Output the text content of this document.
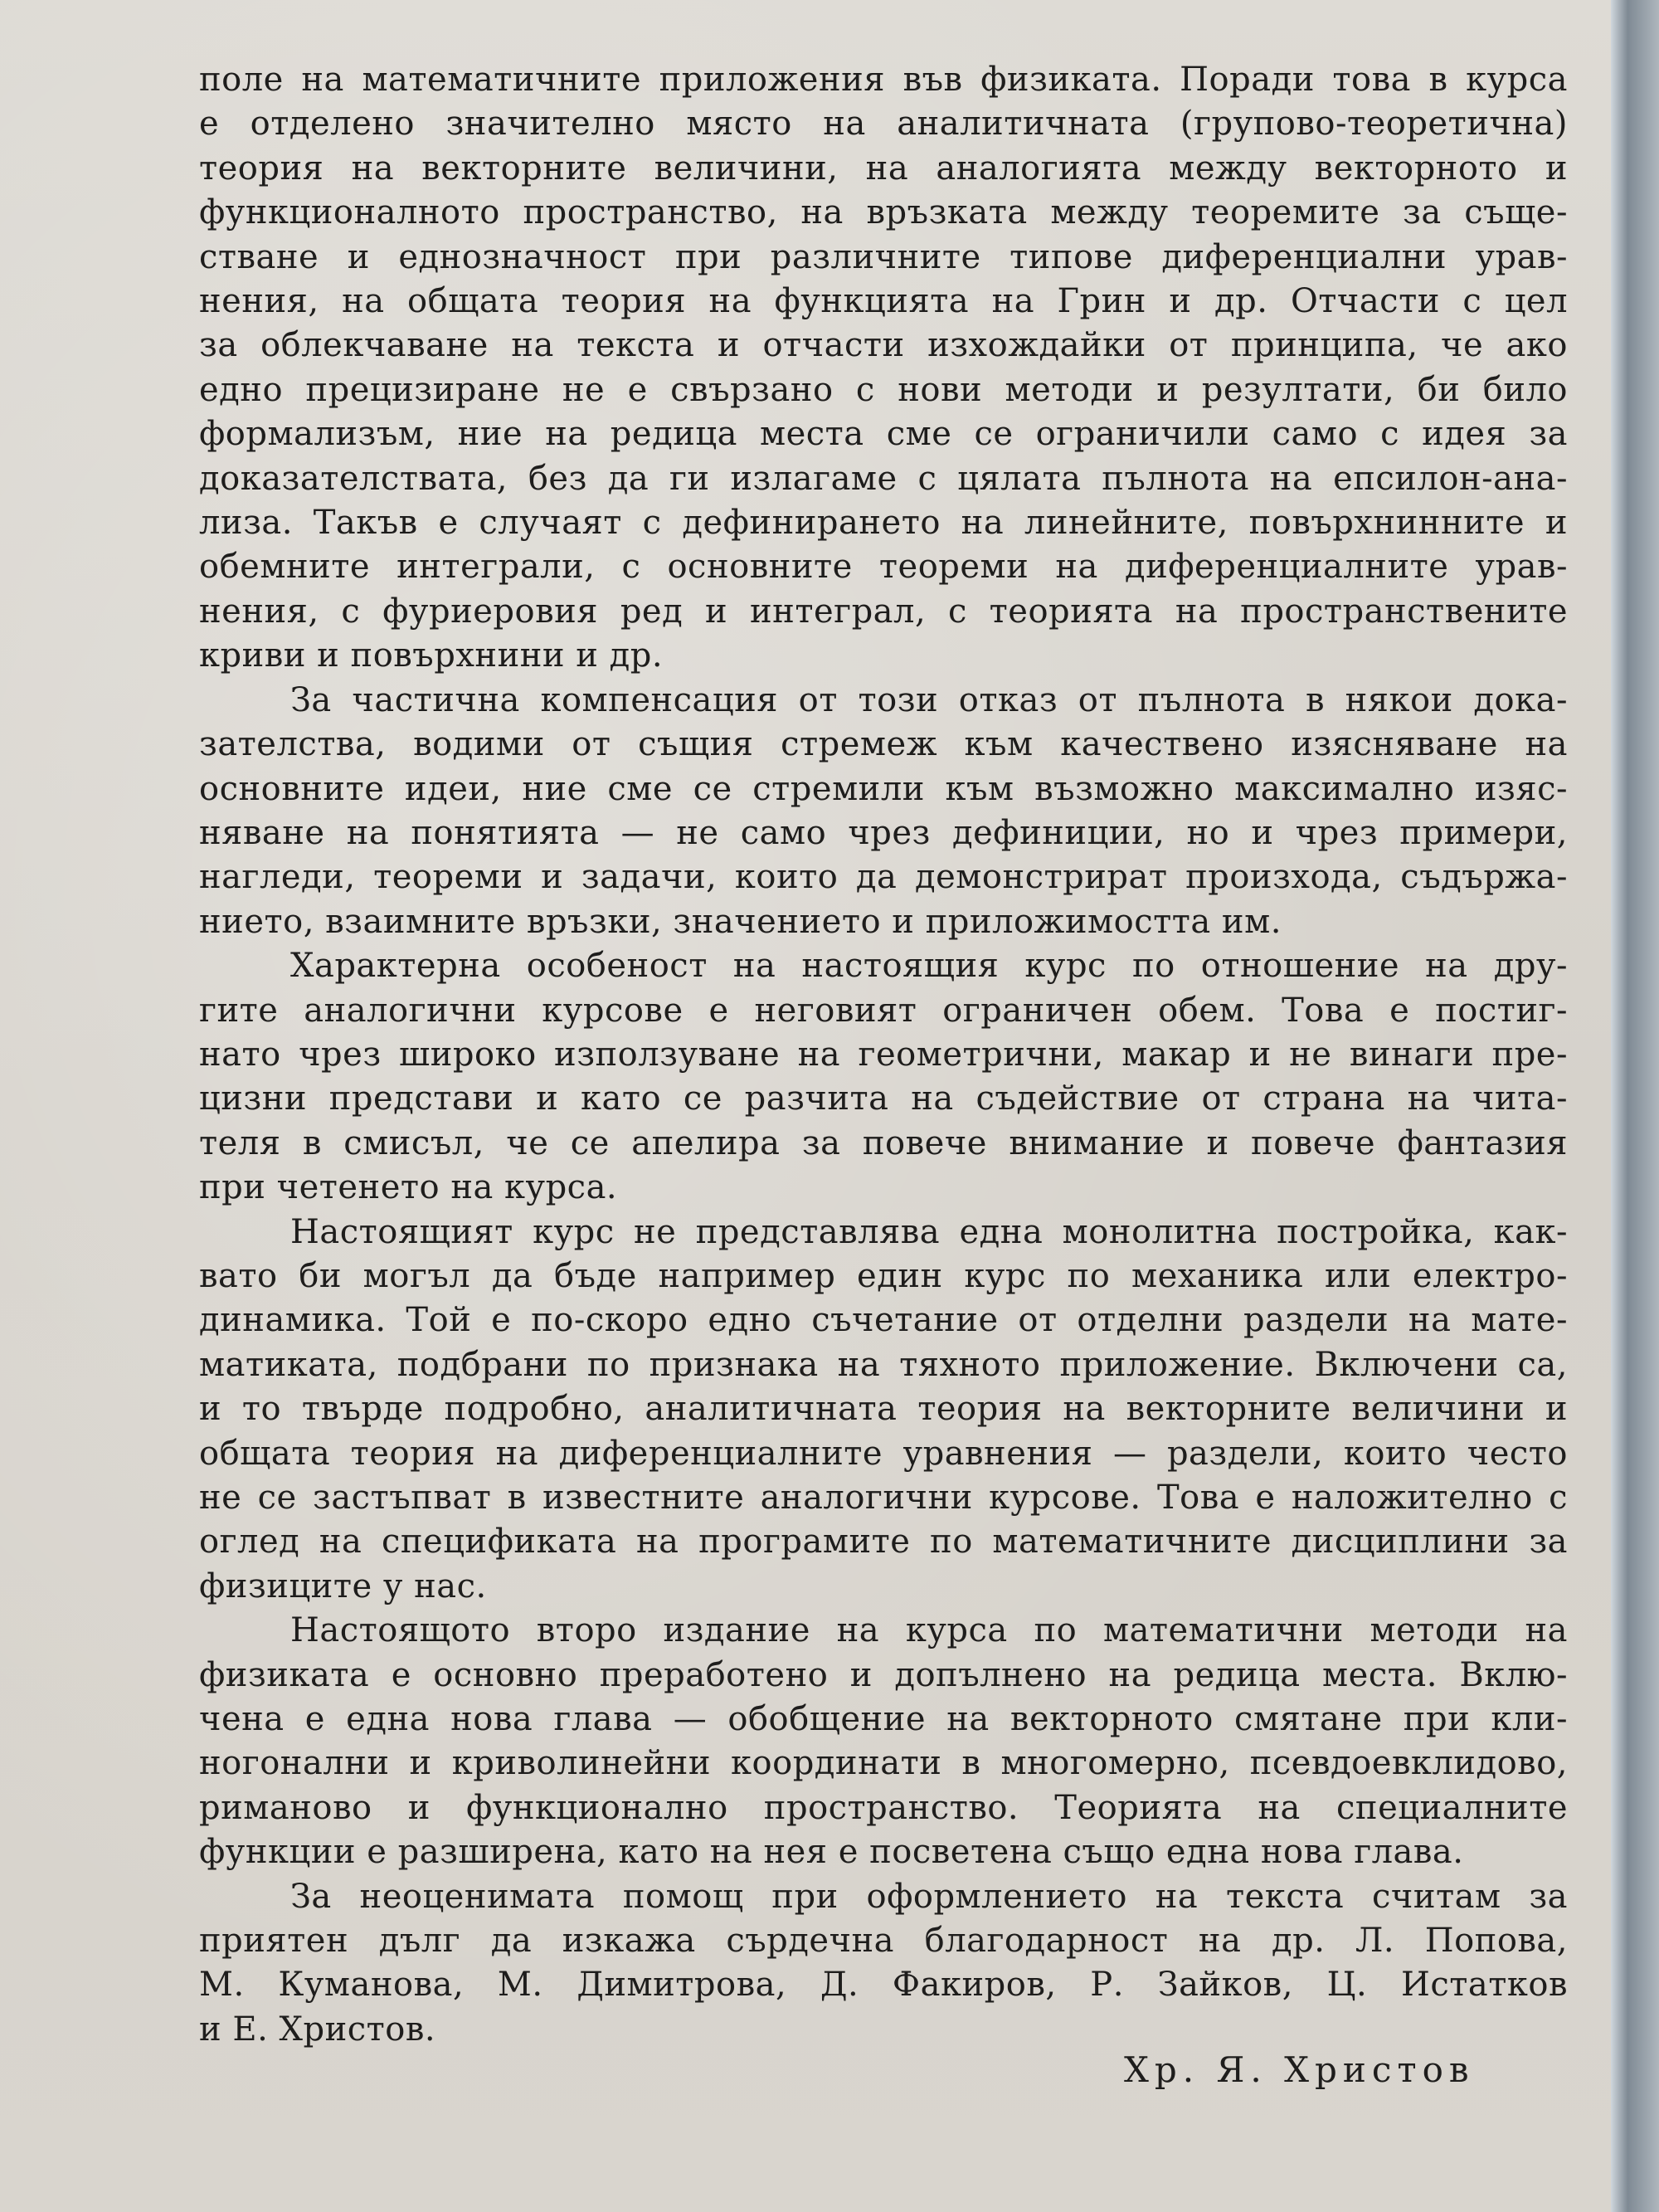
поле на математичните приложения във физиката. Поради това в курса
е отделено значително място на аналитичната (групово-теоретична)
теория на векторните величини, на аналогията между векторното и
функционалното пространство, на връзката между теоремите за съще-
стване и еднозначност при различните типове диференциални урав-
нения, на общата теория на функцията на Грин и др. Отчасти с цел
за облекчаване на текста и отчасти изхождайки от принципа, че ако
едно прецизиране не е свързано с нови методи и резултати, би било
формализъм, ние на редица места сме се ограничили само с идея за
доказателствата, без да ги излагаме с цялата пълнота на епсилон-ана-
лиза. Такъв е случаят с дефинирането на линейните, повърхнинните и
обемните интеграли, с основните теореми на диференциалните урав-
нения, с фуриеровия ред и интеграл, с теорията на пространствените
криви и повърхнини и др.
За частична компенсация от този отказ от пълнота в някои дока-
зателства, водими от същия стремеж към качествено изясняване на
основните идеи, ние сме се стремили към възможно максимално изяс-
няване на понятията — не само чрез дефиниции, но и чрез примери,
нагледи, теореми и задачи, които да демонстрират произхода, съдържа-
нието, взаимните връзки, значението и приложимостта им.
Характерна особеност на настоящия курс по отношение на дру-
гите аналогични курсове е неговият ограничен обем. Това е постиг-
нато чрез широко използуване на геометрични, макар и не винаги пре-
цизни представи и като се разчита на съдействие от страна на чита-
теля в смисъл, че се апелира за повече внимание и повече фантазия
при четенето на курса.
Настоящият курс не представлява една монолитна постройка, как-
вато би могъл да бъде например един курс по механика или електро-
динамика. Той е по-скоро едно съчетание от отделни раздели на мате-
матиката, подбрани по признака на тяхното приложение. Включени са,
и то твърде подробно, аналитичната теория на векторните величини и
общата теория на диференциалните уравнения — раздели, които често
не се застъпват в известните аналогични курсове. Това е наложително с
оглед на спецификата на програмите по математичните дисциплини за
физиците у нас.
Настоящото второ издание на курса по математични методи на
физиката е основно преработено и допълнено на редица места. Вклю-
чена е една нова глава — обобщение на векторното смятане при кли-
ногонални и криволинейни координати в многомерно, псевдоевклидово,
риманово и функционално пространство. Теорията на специалните
функции е разширена, като на нея е посветена също една нова глава.
За неоценимата помощ при оформлението на текста считам за
приятен дълг да изкажа сърдечна благодарност на др. Л. Попова,
М. Куманова, М. Димитрова, Д. Факиров, Р. Зайков, Ц. Истатков
и Е. Христов.
Хр. Я. Христов
